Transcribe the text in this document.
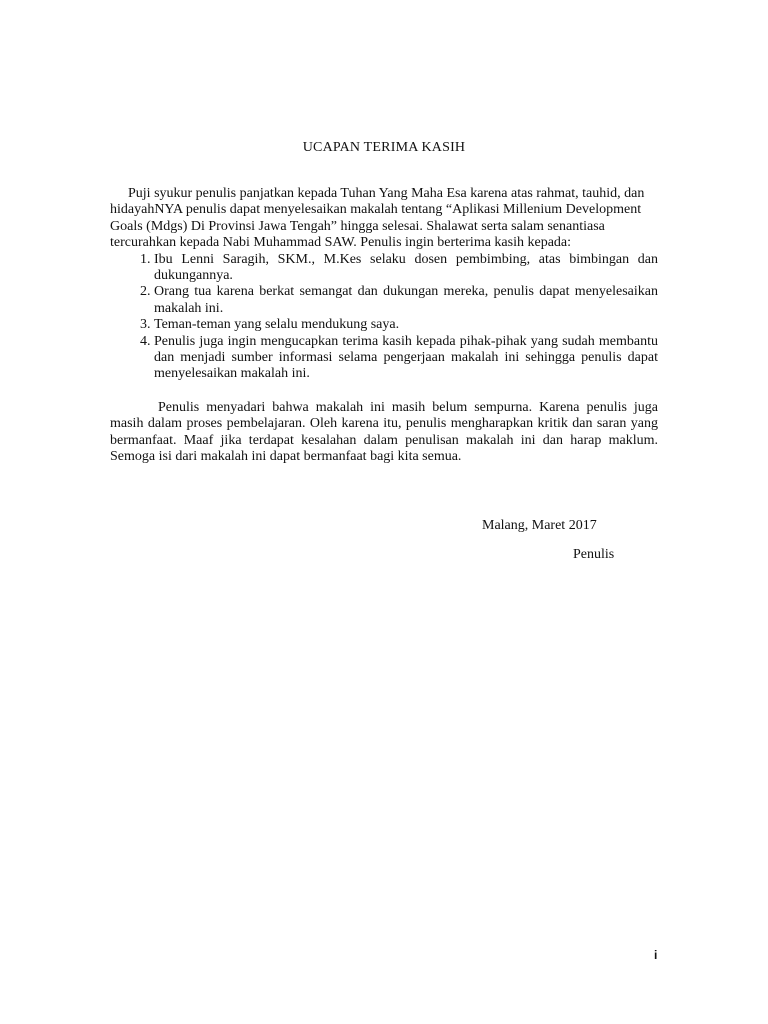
UCAPAN TERIMA KASIH

Puji syukur penulis panjatkan kepada Tuhan Yang Maha Esa karena atas rahmat, tauhid, dan hidayahNYA penulis dapat menyelesaikan makalah tentang “Aplikasi Millenium Development Goals (Mdgs) Di Provinsi Jawa Tengah” hingga selesai. Shalawat serta salam senantiasa tercurahkan kepada Nabi Muhammad SAW. Penulis ingin berterima kasih kepada:

1. Ibu Lenni Saragih, SKM., M.Kes selaku dosen pembimbing, atas bimbingan dan dukungannya.
2. Orang tua karena berkat semangat dan dukungan mereka, penulis dapat menyelesaikan makalah ini.
3. Teman-teman yang selalu mendukung saya.
4. Penulis juga ingin mengucapkan terima kasih kepada pihak-pihak yang sudah membantu dan menjadi sumber informasi selama pengerjaan makalah ini sehingga penulis dapat menyelesaikan makalah ini.

Penulis menyadari bahwa makalah ini masih belum sempurna. Karena penulis juga masih dalam proses pembelajaran. Oleh karena itu, penulis mengharapkan kritik dan saran yang bermanfaat. Maaf jika terdapat kesalahan dalam penulisan makalah ini dan harap maklum. Semoga isi dari makalah ini dapat bermanfaat bagi kita semua.

Malang, Maret 2017
Penulis
i
